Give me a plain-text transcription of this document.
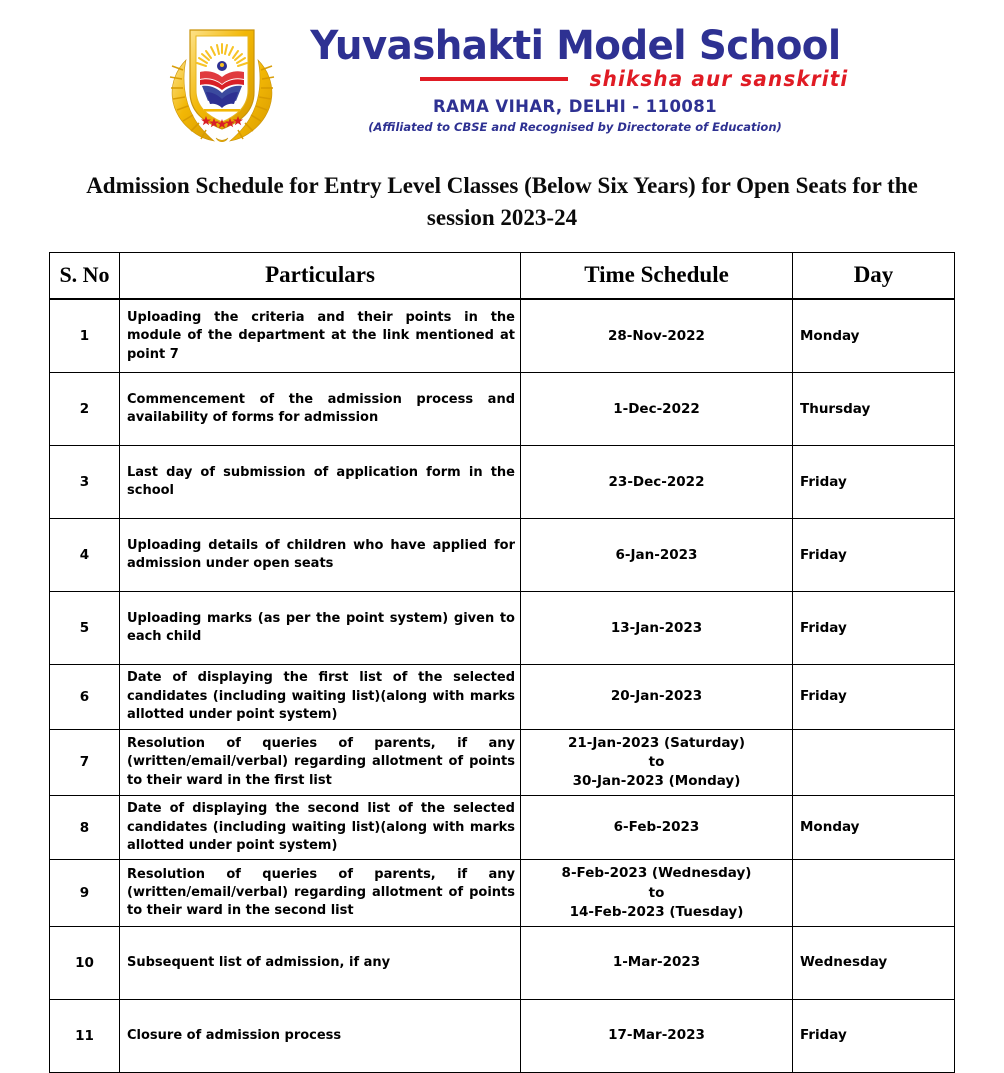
Yuvashakti Model School
shiksha aur sanskriti
RAMA VIHAR, DELHI - 110081
(Affiliated to CBSE and Recognised by Directorate of Education)
Admission Schedule for Entry Level Classes (Below Six Years) for Open Seats for the session 2023-24
S. No	Particulars	Time Schedule	Day

1	Uploading the criteria and their points in the module of the department at the link mentioned at point 7	28-Nov-2022	Monday

2	Commencement of the admission process and availability of forms for admission	1-Dec-2022	Thursday

3	Last day of submission of application form in the school	23-Dec-2022	Friday

4	Uploading details of children who have applied for admission under open seats	6-Jan-2023	Friday

5	Uploading marks (as per the point system) given to each child	13-Jan-2023	Friday

6	Date of displaying the first list of the selected candidates (including waiting list)(along with marks allotted under point system)	20-Jan-2023	Friday

7	Resolution of queries of parents, if any (written/email/verbal) regarding allotment of points to their ward in the first list	21-Jan-2023 (Saturday)
to
30-Jan-2023 (Monday)	

8	Date of displaying the second list of the selected candidates (including waiting list)(along with marks allotted under point system)	6-Feb-2023	Monday

9	Resolution of queries of parents, if any (written/email/verbal) regarding allotment of points to their ward in the second list	8-Feb-2023 (Wednesday)
to
14-Feb-2023 (Tuesday)	

10	Subsequent list of admission, if any	1-Mar-2023	Wednesday

11	Closure of admission process	17-Mar-2023	Friday
